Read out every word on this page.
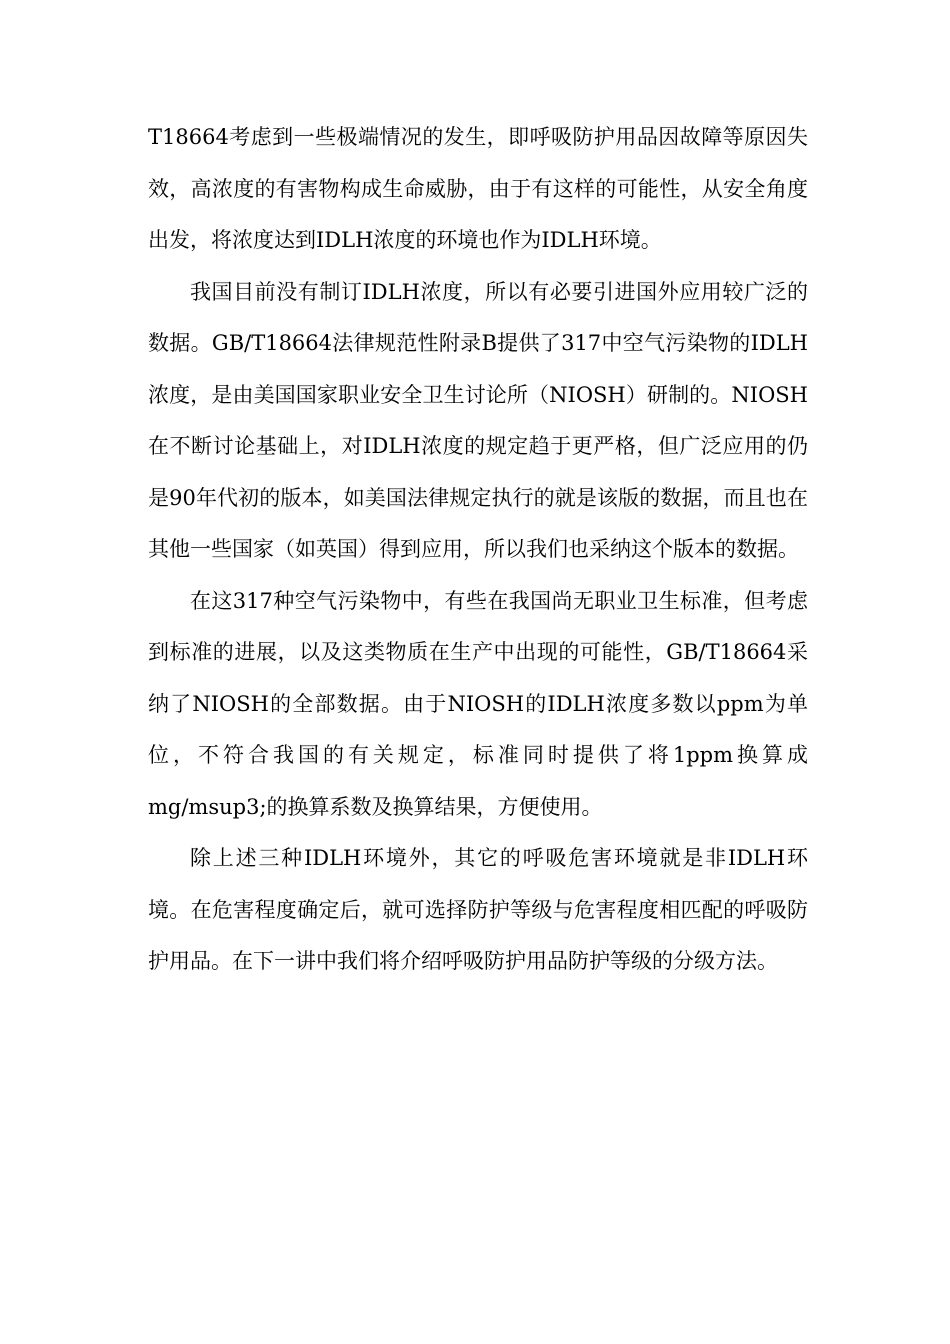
T18664考虑到一些极端情况的发生，即呼吸防护用品因故障等原因失效，高浓度的有害物构成生命威胁，由于有这样的可能性，从安全角度出发，将浓度达到IDLH浓度的环境也作为IDLH环境。

我国目前没有制订IDLH浓度，所以有必要引进国外应用较广泛的数据。GB/T18664法律规范性附录B提供了317中空气污染物的IDLH浓度，是由美国国家职业安全卫生讨论所（NIOSH）研制的。NIOSH在不断讨论基础上，对IDLH浓度的规定趋于更严格，但广泛应用的仍是90年代初的版本，如美国法律规定执行的就是该版的数据，而且也在其他一些国家（如英国）得到应用，所以我们也采纳这个版本的数据。

在这317种空气污染物中，有些在我国尚无职业卫生标准，但考虑到标准的进展，以及这类物质在生产中出现的可能性，GB/T18664采纳了NIOSH的全部数据。由于NIOSH的IDLH浓度多数以ppm为单位，不符合我国的有关规定，标准同时提供了将1ppm换算成mg/msup3;的换算系数及换算结果，方便使用。

除上述三种IDLH环境外，其它的呼吸危害环境就是非IDLH环境。在危害程度确定后，就可选择防护等级与危害程度相匹配的呼吸防护用品。在下一讲中我们将介绍呼吸防护用品防护等级的分级方法。
